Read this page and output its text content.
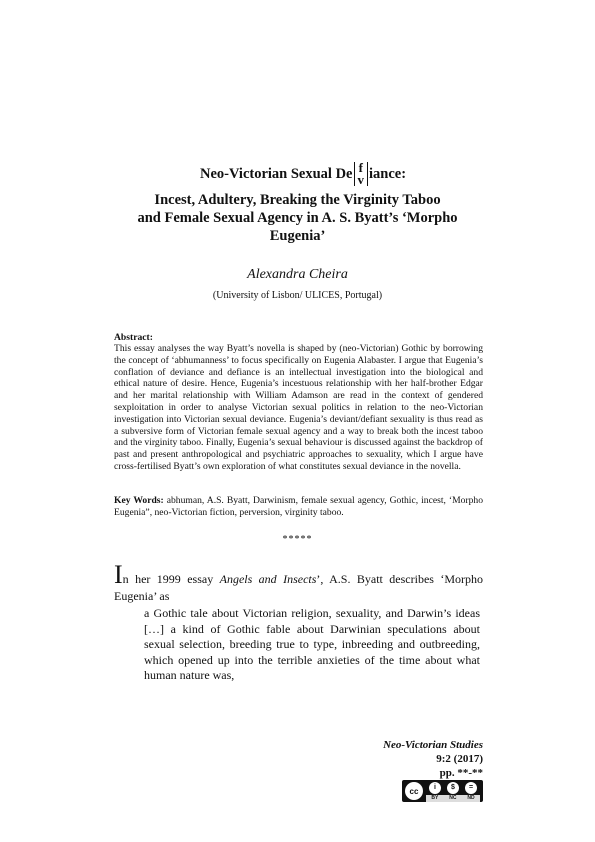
Neo-Victorian Sexual De f
v iance:
Incest, Adultery, Breaking the Virginity Taboo
and Female Sexual Agency in A. S. Byatt’s ‘Morpho
Eugenia’
Alexandra Cheira
(University of Lisbon/ ULICES, Portugal)
Abstract:
This essay analyses the way Byatt’s novella is shaped by (neo-Victorian) Gothic by borrowing the concept of ‘abhumanness’ to focus specifically on Eugenia Alabaster. I argue that Eugenia’s conflation of deviance and defiance is an intellectual investigation into the biological and ethical nature of desire. Hence, Eugenia’s incestuous relationship with her half-brother Edgar and her marital relationship with William Adamson are read in the context of gendered sexploitation in order to analyse Victorian sexual politics in relation to the neo-Victorian investigation into Victorian sexual deviance. Eugenia’s deviant/defiant sexuality is thus read as a subversive form of Victorian female sexual agency and a way to break both the incest taboo and the virginity taboo. Finally, Eugenia’s sexual behaviour is discussed against the backdrop of past and present anthropological and psychiatric approaches to sexuality, which I argue have cross-fertilised Byatt’s own exploration of what constitutes sexual deviance in the novella.
Key Words: abhuman, A.S. Byatt, Darwinism, female sexual agency, Gothic, incest, ‘Morpho Eugenia”, neo-Victorian fiction, perversion, virginity taboo.
*****
In her 1999 essay Angels and Insects’, A.S. Byatt describes ‘Morpho Eugenia’ as
a Gothic tale about Victorian religion, sexuality, and Darwin’s ideas […] a kind of Gothic fable about Darwinian speculations about sexual selection, breeding true to type, inbreeding and outbreeding, which opened up into the terrible anxieties of the time about what human nature was,
Neo-Victorian Studies
9:2 (2017)
pp. **-**
cc	i	$	=
BY NC ND
